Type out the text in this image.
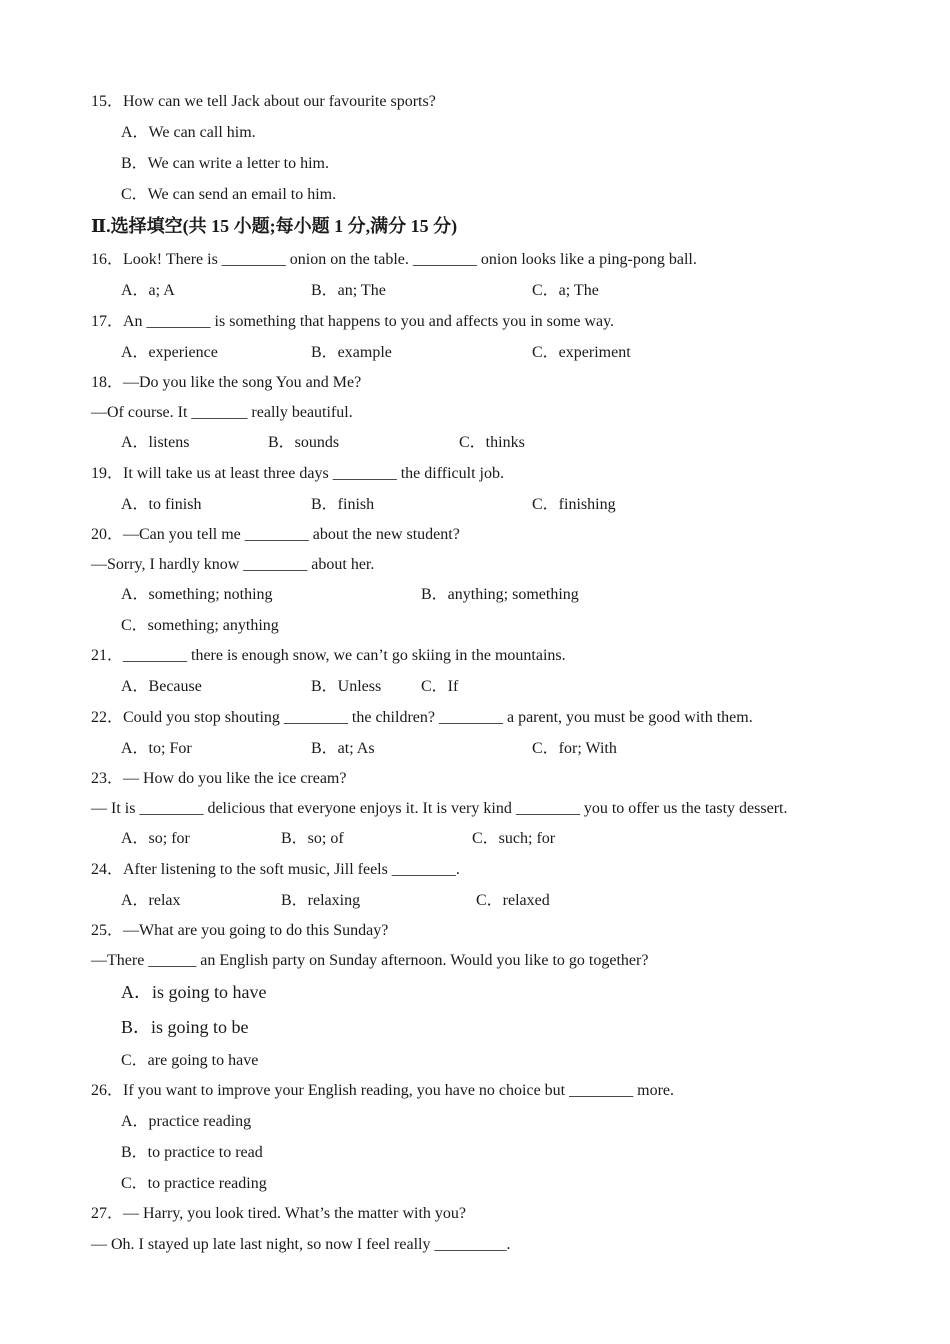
15．How can we tell Jack about our favourite sports?
A．We can call him.
B．We can write a letter to him.
C．We can send an email to him.
Ⅱ.选择填空(共 15 小题;每小题 1 分,满分 15 分)
16．Look! There is ________ onion on the table. ________ onion looks like a ping-pong ball.
A．a; A	B．an; The	C．a; The
17．An ________ is something that happens to you and affects you in some way.
A．experience	B．example	C．experiment
18．—Do you like the song You and Me?
—Of course. It _______ really beautiful.
A．listens	B．sounds	C．thinks
19．It will take us at least three days ________ the difficult job.
A．to finish	B．finish	C．finishing
20．—Can you tell me ________ about the new student?
—Sorry, I hardly know ________ about her.
A．something; nothing	B．anything; something
C．something; anything
21．________ there is enough snow, we can’t go skiing in the mountains.
A．Because	B．Unless C．If
22．Could you stop shouting ________ the children? ________ a parent, you must be good with them.
A．to; For	B．at; As	C．for; With
23．— How do you like the ice cream?
— It is ________ delicious that everyone enjoys it. It is very kind ________ you to offer us the tasty dessert.
A．so; for	B．so; of	C．such; for
24．After listening to the soft music, Jill feels ________.
A．relax	B．relaxing	C．relaxed
25．—What are you going to do this Sunday?
—There ______ an English party on Sunday afternoon. Would you like to go together?
A．is going to have
B．is going to be
C．are going to have
26．If you want to improve your English reading, you have no choice but ________ more.
A．practice reading
B．to practice to read
C．to practice reading
27．— Harry, you look tired. What’s the matter with you?
— Oh. I stayed up late last night, so now I feel really _________.
